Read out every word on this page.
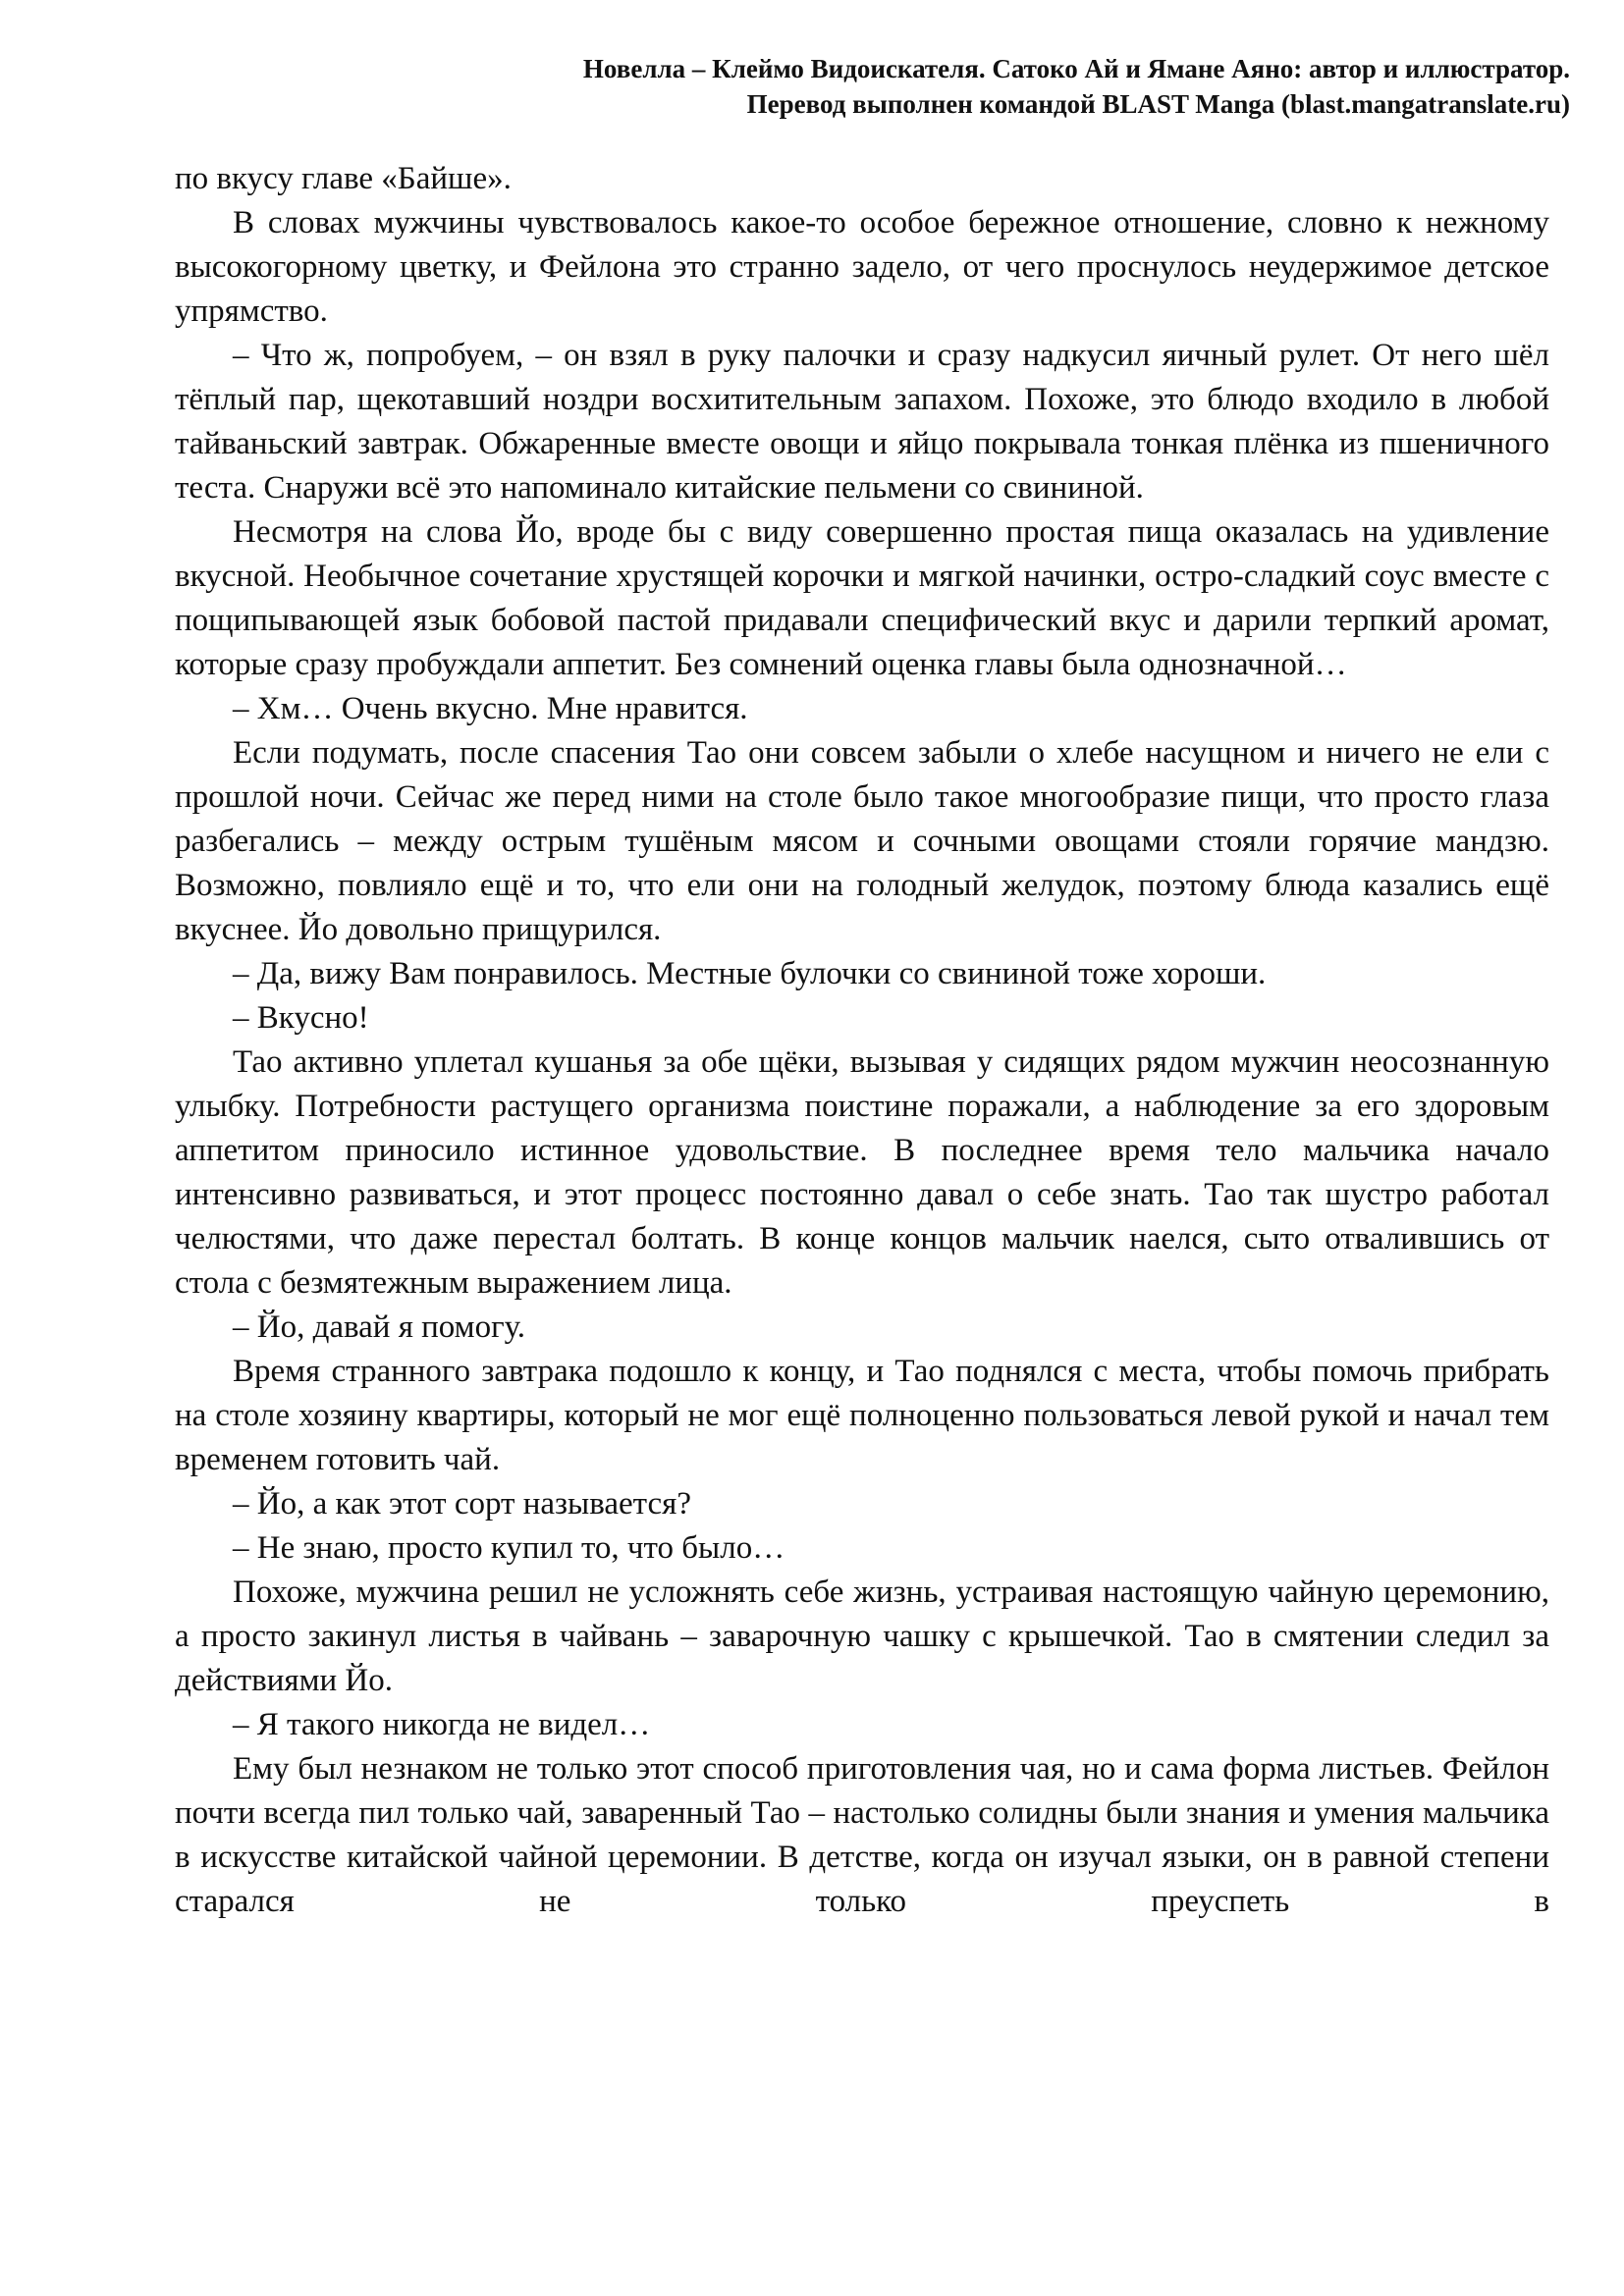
Новелла – Клеймо Видоискателя. Сатоко Ай и Ямане Аяно: автор и иллюстратор.
Перевод выполнен командой BLAST Manga (blast.mangatranslate.ru)

по вкусу главе «Байше».

В словах мужчины чувствовалось какое-то особое бережное отношение, словно к нежному высокогорному цветку, и Фейлона это странно задело, от чего проснулось неудержимое детское упрямство.

– Что ж, попробуем, – он взял в руку палочки и сразу надкусил яичный рулет. От него шёл тёплый пар, щекотавший ноздри восхитительным запахом. Похоже, это блюдо входило в любой тайваньский завтрак. Обжаренные вместе овощи и яйцо покрывала тонкая плёнка из пшеничного теста. Снаружи всё это напоминало китайские пельмени со свининой.

Несмотря на слова Йо, вроде бы с виду совершенно простая пища оказалась на удивление вкусной. Необычное сочетание хрустящей корочки и мягкой начинки, остро-сладкий соус вместе с пощипывающей язык бобовой пастой придавали специфический вкус и дарили терпкий аромат, которые сразу пробуждали аппетит. Без сомнений оценка главы была однозначной…

– Хм… Очень вкусно. Мне нравится.

Если подумать, после спасения Тао они совсем забыли о хлебе насущном и ничего не ели с прошлой ночи. Сейчас же перед ними на столе было такое многообразие пищи, что просто глаза разбегались – между острым тушёным мясом и сочными овощами стояли горячие мандзю. Возможно, повлияло ещё и то, что ели они на голодный желудок, поэтому блюда казались ещё вкуснее. Йо довольно прищурился.

– Да, вижу Вам понравилось. Местные булочки со свининой тоже хороши.

– Вкусно!

Тао активно уплетал кушанья за обе щёки, вызывая у сидящих рядом мужчин неосознанную улыбку. Потребности растущего организма поистине поражали, а наблюдение за его здоровым аппетитом приносило истинное удовольствие. В последнее время тело мальчика начало интенсивно развиваться, и этот процесс постоянно давал о себе знать. Тао так шустро работал челюстями, что даже перестал болтать. В конце концов мальчик наелся, сыто отвалившись от стола с безмятежным выражением лица.

– Йо, давай я помогу.

Время странного завтрака подошло к концу, и Тао поднялся с места, чтобы помочь прибрать на столе хозяину квартиры, который не мог ещё полноценно пользоваться левой рукой и начал тем временем готовить чай.

– Йо, а как этот сорт называется?

– Не знаю, просто купил то, что было…

Похоже, мужчина решил не усложнять себе жизнь, устраивая настоящую чайную церемонию, а просто закинул листья в чайвань – заварочную чашку с крышечкой. Тао в смятении следил за действиями Йо.

– Я такого никогда не видел…

Ему был незнаком не только этот способ приготовления чая, но и сама форма листьев. Фейлон почти всегда пил только чай, заваренный Тао – настолько солидны были знания и умения мальчика в искусстве китайской чайной церемонии. В детстве, когда он изучал языки, он в равной степени старался не только преуспеть в
